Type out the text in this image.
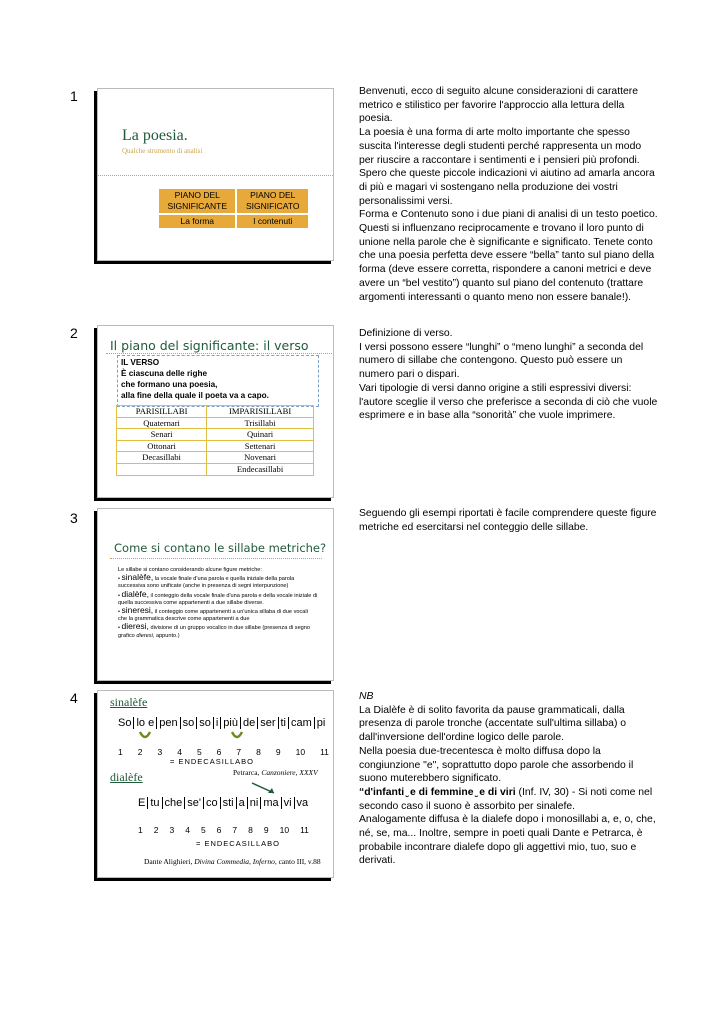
1
La poesia.
Qualche strumento di analisi
PIANO DEL SIGNIFICANTE	PIANO DEL SIGNIFICATO
La forma	I contenuti

Benvenuti, ecco di seguito alcune considerazioni di carattere metrico e stilistico per favorire l'approccio alla lettura della poesia.

La poesia è una forma di arte molto importante che spesso suscita l'interesse degli studenti perché rappresenta un modo per riuscire a raccontare i sentimenti e i pensieri più profondi. Spero che queste piccole indicazioni vi aiutino ad amarla ancora di più e magari vi sostengano nella produzione dei vostri personalissimi versi.

Forma e Contenuto sono i due piani di analisi di un testo poetico. Questi si influenzano reciprocamente e trovano il loro punto di unione nella parole che è significante e significato. Tenete conto che una poesia perfetta deve essere “bella” tanto sul piano della forma (deve essere corretta, rispondere a canoni metrici e deve avere un “bel vestito”) quanto sul piano del contenuto (trattare argomenti interessanti o quanto meno non essere banale!).

2
Il piano del significante: il verso
IL VERSO
È ciascuna delle righe
che formano una poesia,
alla fine della quale il poeta va a capo.
PARISILLABI	IMPARISILLABI
Quaternari	Trisillabi
Senari	Quinari
Ottonari	Settenari
Decasillabi	Novenari
	Endecasillabi

Definizione di verso.

I versi possono essere “lunghi” o “meno lunghi” a seconda del numero di sillabe che contengono. Questo può essere un numero pari o dispari.

Vari tipologie di versi danno origine a stili espressivi diversi: l'autore sceglie il verso che preferisce a seconda di ciò che vuole esprimere e in base alla “sonorità” che vuole imprimere.

3
Come si contano le sillabe metriche?
Le sillabe si contano considerando alcune figure metriche:
• sinalèfe, la vocale finale d'una parola e quella iniziale della parola successiva sono unificate (anche in presenza di segni interpunzione)
• dialèfe, il conteggio della vocale finale d'una parola e della vocale iniziale di quella successiva come appartenenti a due sillabe diverse.
• sineresi, il conteggio come appartenenti a un'unica sillaba di due vocali che la grammatica descrive come appartenenti a due
• dieresi, divisione di un gruppo vocalico in due sillabe (presenza di segno grafico dieresi, appunto.)

Seguendo gli esempi riportati è facile comprendere queste figure metriche ed esercitarsi nel conteggio delle sillabe.

4	sinalèfe
So lo e pen so so i più de ser ti cam pi
1 2 3 4 5 6 7 8 9 10 11
= ENDECASILLABO
Petrarca, Canzoniere, XXXV
dialèfe
E tu che se' co sti a ni ma vi va
1 2 3 4 5 6 7 8 9 10 11
= ENDECASILLABO
Dante Alighieri, Divina Commedia, Inferno, canto III, v.88

NB

La Dialèfe è di solito favorita da pause grammaticali, dalla presenza di parole tronche (accentate sull'ultima sillaba) o dall'inversione dell'ordine logico delle parole.

Nella poesia due-trecentesca è molto diffusa dopo la congiunzione "e", soprattutto dopo parole che assorbendo il suono muterebbero significato.

“d'infanti ̮ e di femmine ̮ e di viri (Inf. IV, 30) - Si noti come nel secondo caso il suono è assorbito per sinalefe.

Analogamente diffusa è la dialefe dopo i monosillabi a, e, o, che, né, se, ma... Inoltre, sempre in poeti quali Dante e Petrarca, è probabile incontrare dialefe dopo gli aggettivi mio, tuo, suo e derivati.
